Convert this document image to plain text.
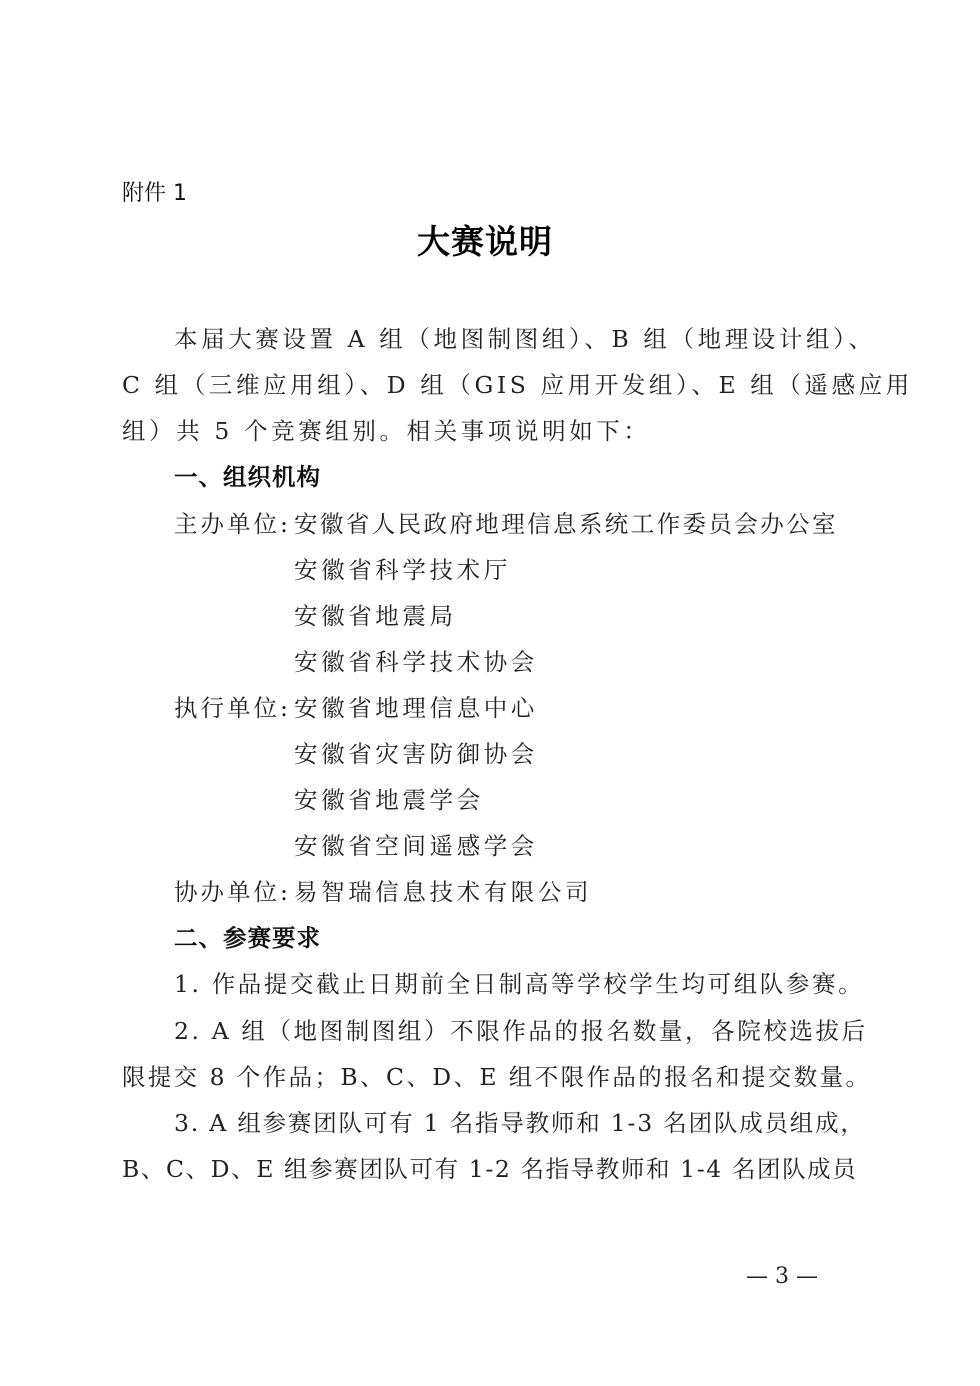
附件 1
大赛说明
本届大赛设置 A 组（地图制图组）、B 组（地理设计组）、
C 组（三维应用组）、D 组（GIS 应用开发组）、E 组（遥感应用
组）共 5 个竞赛组别。相关事项说明如下：
一、组织机构
主办单位: 安徽省人民政府地理信息系统工作委员会办公室
安徽省科学技术厅
安徽省地震局
安徽省科学技术协会
执行单位: 安徽省地理信息中心
安徽省灾害防御协会
安徽省地震学会
安徽省空间遥感学会
协办单位: 易智瑞信息技术有限公司
二、参赛要求
1. 作品提交截止日期前全日制高等学校学生均可组队参赛。
2. A 组（地图制图组）不限作品的报名数量，各院校选拔后
限提交 8 个作品；B、C、D、E 组不限作品的报名和提交数量。
3. A 组参赛团队可有 1 名指导教师和 1-3 名团队成员组成，
B、C、D、E 组参赛团队可有 1-2 名指导教师和 1-4 名团队成员
— 3 —
